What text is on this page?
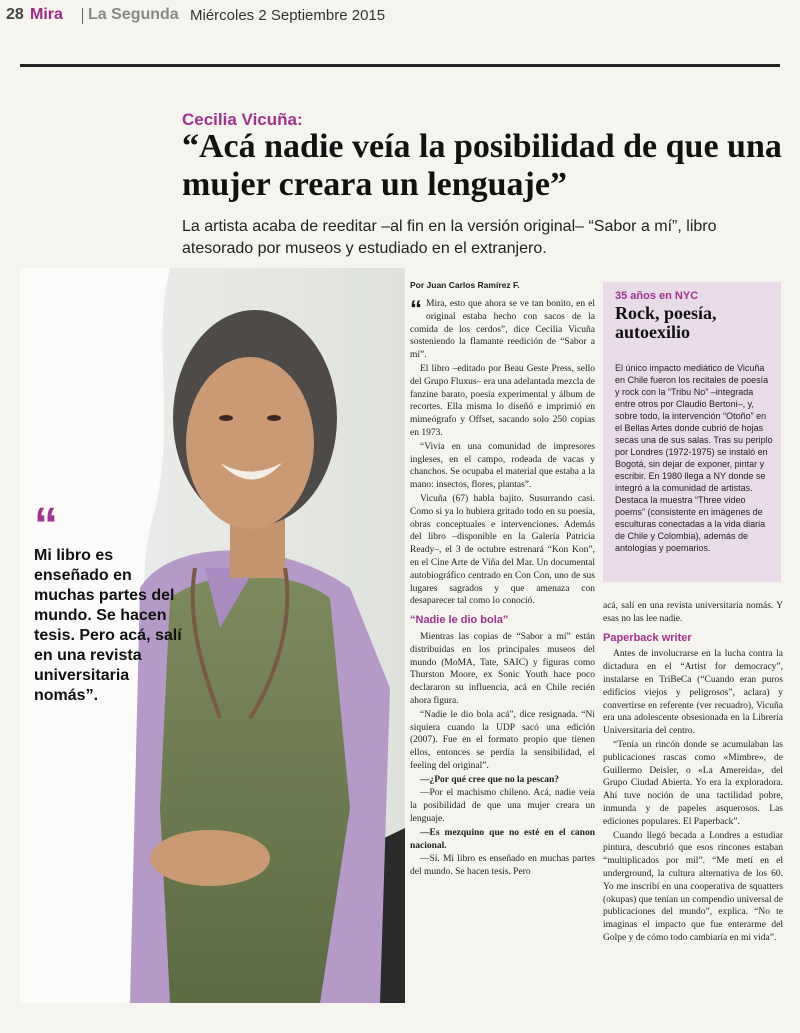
28 Mira La Segunda Miércoles 2 Septiembre 2015
Cecilia Vicuña:
“Acá nadie veía la posibilidad de que una mujer creara un lenguaje”

La artista acaba de reeditar –al fin en la versión original– “Sabor a mí”, libro atesorado por museos y estudiado en el extranjero.

Por Juan Carlos Ramírez F.
“ Mira, esto que ahora se ve tan bonito, en el original estaba hecho con sacos de la comida de los cerdos”, dice Cecilia Vicuña sosteniendo la flamante reedición de “Sabor a mí”.

El libro –editado por Beau Geste Press, sello del Grupo Fluxus– era una adelantada mezcla de fanzine barato, poesía experimental y álbum de recortes. Ella misma lo diseñó e imprimió en mimeógrafo y Offset, sacando solo 250 copias en 1973.

“Vivía en una comunidad de impresores ingleses, en el campo, rodeada de vacas y chanchos. Se ocupaba el material que estaba a la mano: insectos, flores, plantas”.

Vicuña (67) habla bajito. Susurrando casi. Como si ya lo hubiera gritado todo en su poesía, obras conceptuales e intervenciones. Además del libro –disponible en la Galería Patricia Ready–, el 3 de octubre estrenará “Kon Kon”, en el Cine Arte de Viña del Mar. Un documental autobiográfico centrado en Con Con, uno de sus lugares sagrados y que amenaza con desaparecer tal como lo conoció.

“Nadie le dio bola”

Mientras las copias de “Sabor a mí” están distribuidas en los principales museos del mundo (MoMA, Tate, SAIC) y figuras como Thurston Moore, ex Sonic Youth hace poco declararon su influencia, acá en Chile recién ahora figura.

“Nadie le dio bola acá”, dice resignada. “Ni siquiera cuando la UDP sacó una edición (2007). Fue en el formato propio que tienen ellos, entonces se perdía la sensibilidad, el feeling del original”.

—¿Por qué cree que no la pescan?

—Por el machismo chileno. Acá, nadie veía la posibilidad de que una mujer creara un lenguaje.

—Es mezquino que no esté en el canon nacional.

—Sí. Mi libro es enseñado en muchas partes del mundo. Se hacen tesis. Pero

35 años en NYC
Rock, poesía, autoexilio
El único impacto mediático de Vicuña en Chile fueron los recitales de poesía y rock con la “Tribu No” –integrada entre otros por Claudio Bertoni–, y, sobre todo, la intervención “Otoño” en el Bellas Artes donde cubrió de hojas secas una de sus salas. Tras su periplo por Londres (1972-1975) se instaló en Bogotá, sin dejar de exponer, pintar y escribir. En 1980 llega a NY donde se integró a la comunidad de artistas. Destaca la muestra “Three video poems” (consistente en imágenes de esculturas conectadas a la vida diaria de Chile y Colombia), además de antologías y poemarios.

acá, salí en una revista universitaria nomás. Y esas no las lee nadie.

Paperback writer

Antes de involucrarse en la lucha contra la dictadura en el “Artist for democracy”, instalarse en TriBeCa (“Cuando eran puros edificios viejos y peligrosos”, aclara) y convertirse en referente (ver recuadro), Vicuña era una adolescente obsesionada en la Librería Universitaria del centro.

“Tenía un rincón donde se acumulaban las publicaciones rascas como «Mimbre», de Guillermo Deisler, o «La Amereida», del Grupo Ciudad Abierta. Yo era la exploradora. Ahí tuve noción de una tactilidad pobre, inmunda y de papeles asquerosos. Las ediciones populares. El Paperback”.

Cuando llegó becada a Londres a estudiar pintura, descubrió que esos rincones estaban “multiplicados por mil”. “Me metí en el underground, la cultura alternativa de los 60. Yo me inscribí en una cooperativa de squatters (okupas) que tenían un compendio universal de publicaciones del mundo”, explica. “No te imaginas el impacto que fue enterarme del Golpe y de cómo todo cambiaría en mi vida”.

“
Mi libro es enseñado en muchas partes del mundo. Se hacen tesis. Pero acá, salí en una revista universitaria nomás”.
